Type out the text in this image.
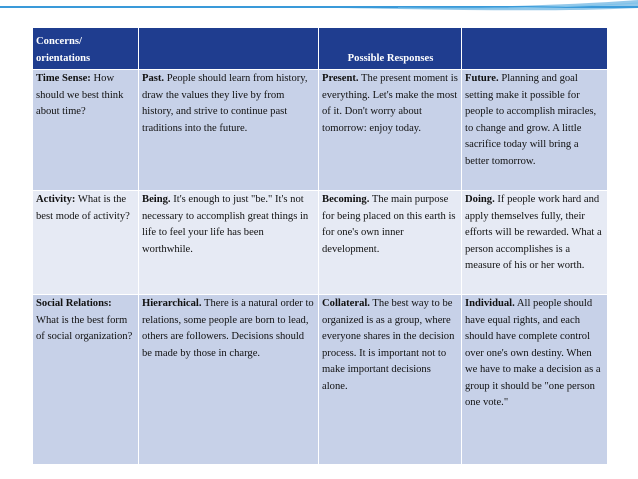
Concerns/ orientations		Possible Responses	
Time Sense: How should we best think about time?	Past. People should learn from history, draw the values they live by from history, and strive to continue past traditions into the future.	Present. The present moment is everything. Let's make the most of it. Don't worry about tomorrow: enjoy today.	Future. Planning and goal setting make it possible for people to accomplish miracles, to change and grow. A little sacrifice today will bring a better tomorrow.
Activity: What is the best mode of activity?	Being. It's enough to just "be." It's not necessary to accomplish great things in life to feel your life has been worthwhile.	Becoming. The main purpose for being placed on this earth is for one's own inner development.	Doing. If people work hard and apply themselves fully, their efforts will be rewarded. What a person accomplishes is a measure of his or her worth.
Social Relations: What is the best form of social organization?	Hierarchical. There is a natural order to relations, some people are born to lead, others are followers. Decisions should be made by those in charge.	Collateral. The best way to be organized is as a group, where everyone shares in the decision process. It is important not to make important decisions alone.	Individual. All people should have equal rights, and each should have complete control over one's own destiny. When we have to make a decision as a group it should be "one person one vote."
